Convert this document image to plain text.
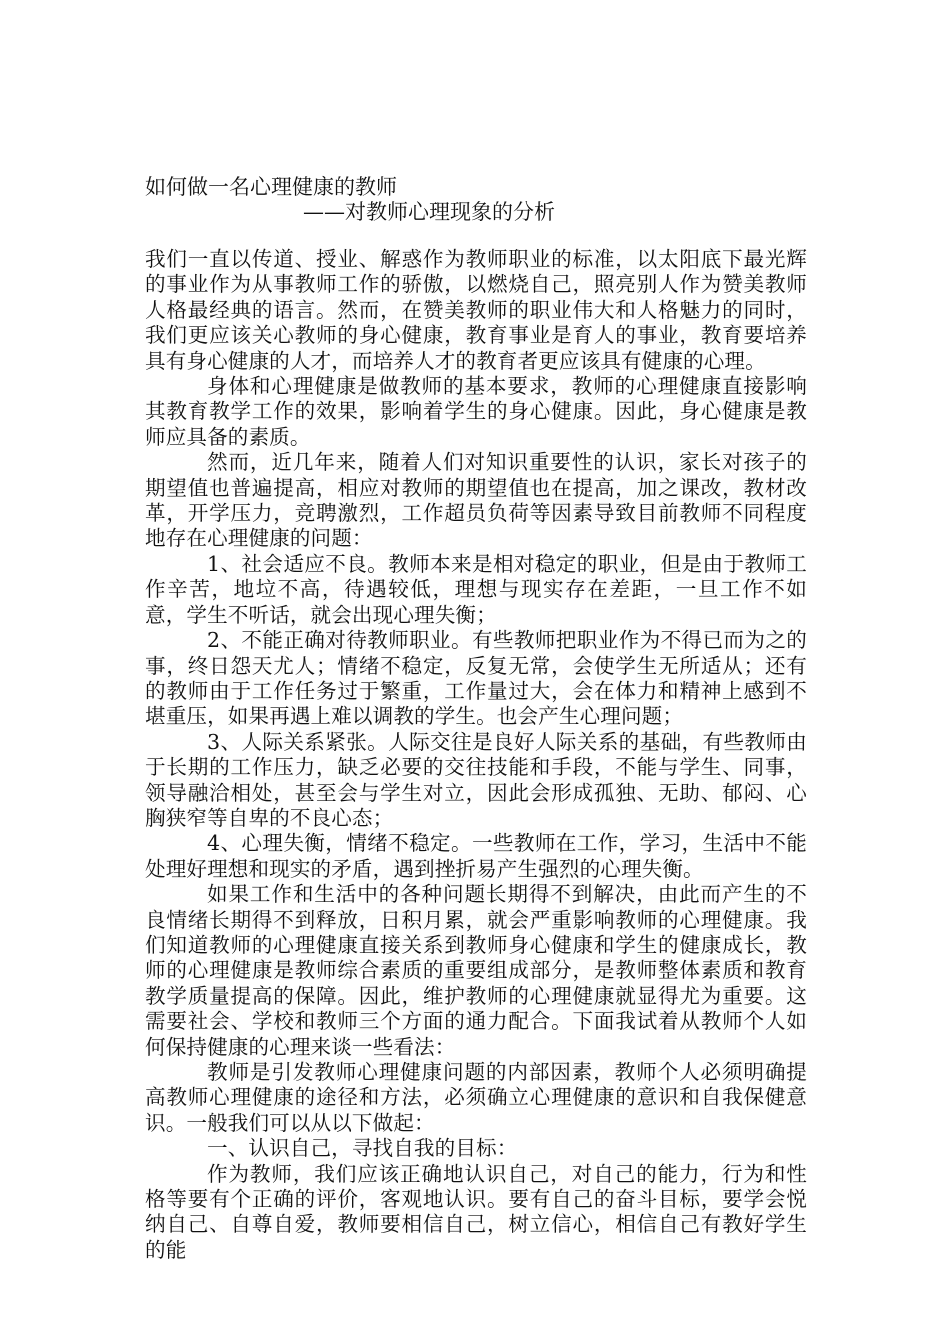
如何做一名心理健康的教师
——对教师心理现象的分析

我们一直以传道、授业、解惑作为教师职业的标准，以太阳底下最光辉的事业作为从事教师工作的骄傲，以燃烧自己，照亮别人作为赞美教师人格最经典的语言。然而，在赞美教师的职业伟大和人格魅力的同时，我们更应该关心教师的身心健康，教育事业是育人的事业，教育要培养具有身心健康的人才，而培养人才的教育者更应该具有健康的心理。

身体和心理健康是做教师的基本要求，教师的心理健康直接影响其教育教学工作的效果，影响着学生的身心健康。因此，身心健康是教师应具备的素质。

然而，近几年来，随着人们对知识重要性的认识，家长对孩子的期望值也普遍提高，相应对教师的期望值也在提高，加之课改，教材改革，开学压力，竞聘激烈，工作超员负荷等因素导致目前教师不同程度地存在心理健康的问题：

1、社会适应不良。教师本来是相对稳定的职业，但是由于教师工作辛苦，地垃不高，待遇较低，理想与现实存在差距，一旦工作不如意，学生不听话，就会出现心理失衡；

2、不能正确对待教师职业。有些教师把职业作为不得已而为之的事，终日怨天尤人；情绪不稳定，反复无常，会使学生无所适从；还有的教师由于工作任务过于繁重，工作量过大，会在体力和精神上感到不堪重压，如果再遇上难以调教的学生。也会产生心理问题；

3、人际关系紧张。人际交往是良好人际关系的基础，有些教师由于长期的工作压力，缺乏必要的交往技能和手段，不能与学生、同事，领导融洽相处，甚至会与学生对立，因此会形成孤独、无助、郁闷、心胸狭窄等自卑的不良心态；

4、心理失衡，情绪不稳定。一些教师在工作，学习，生活中不能处理好理想和现实的矛盾，遇到挫折易产生强烈的心理失衡。

如果工作和生活中的各种问题长期得不到解决，由此而产生的不良情绪长期得不到释放，日积月累，就会严重影响教师的心理健康。我们知道教师的心理健康直接关系到教师身心健康和学生的健康成长，教师的心理健康是教师综合素质的重要组成部分，是教师整体素质和教育教学质量提高的保障。因此，维护教师的心理健康就显得尤为重要。这需要社会、学校和教师三个方面的通力配合。下面我试着从教师个人如何保持健康的心理来谈一些看法：

教师是引发教师心理健康问题的内部因素，教师个人必须明确提高教师心理健康的途径和方法，必须确立心理健康的意识和自我保健意识。一般我们可以从以下做起：

一、认识自己，寻找自我的目标：

作为教师，我们应该正确地认识自己，对自己的能力，行为和性格等要有个正确的评价，客观地认识。要有自己的奋斗目标，要学会悦纳自己、自尊自爱，教师要相信自己，树立信心，相信自己有教好学生的能
